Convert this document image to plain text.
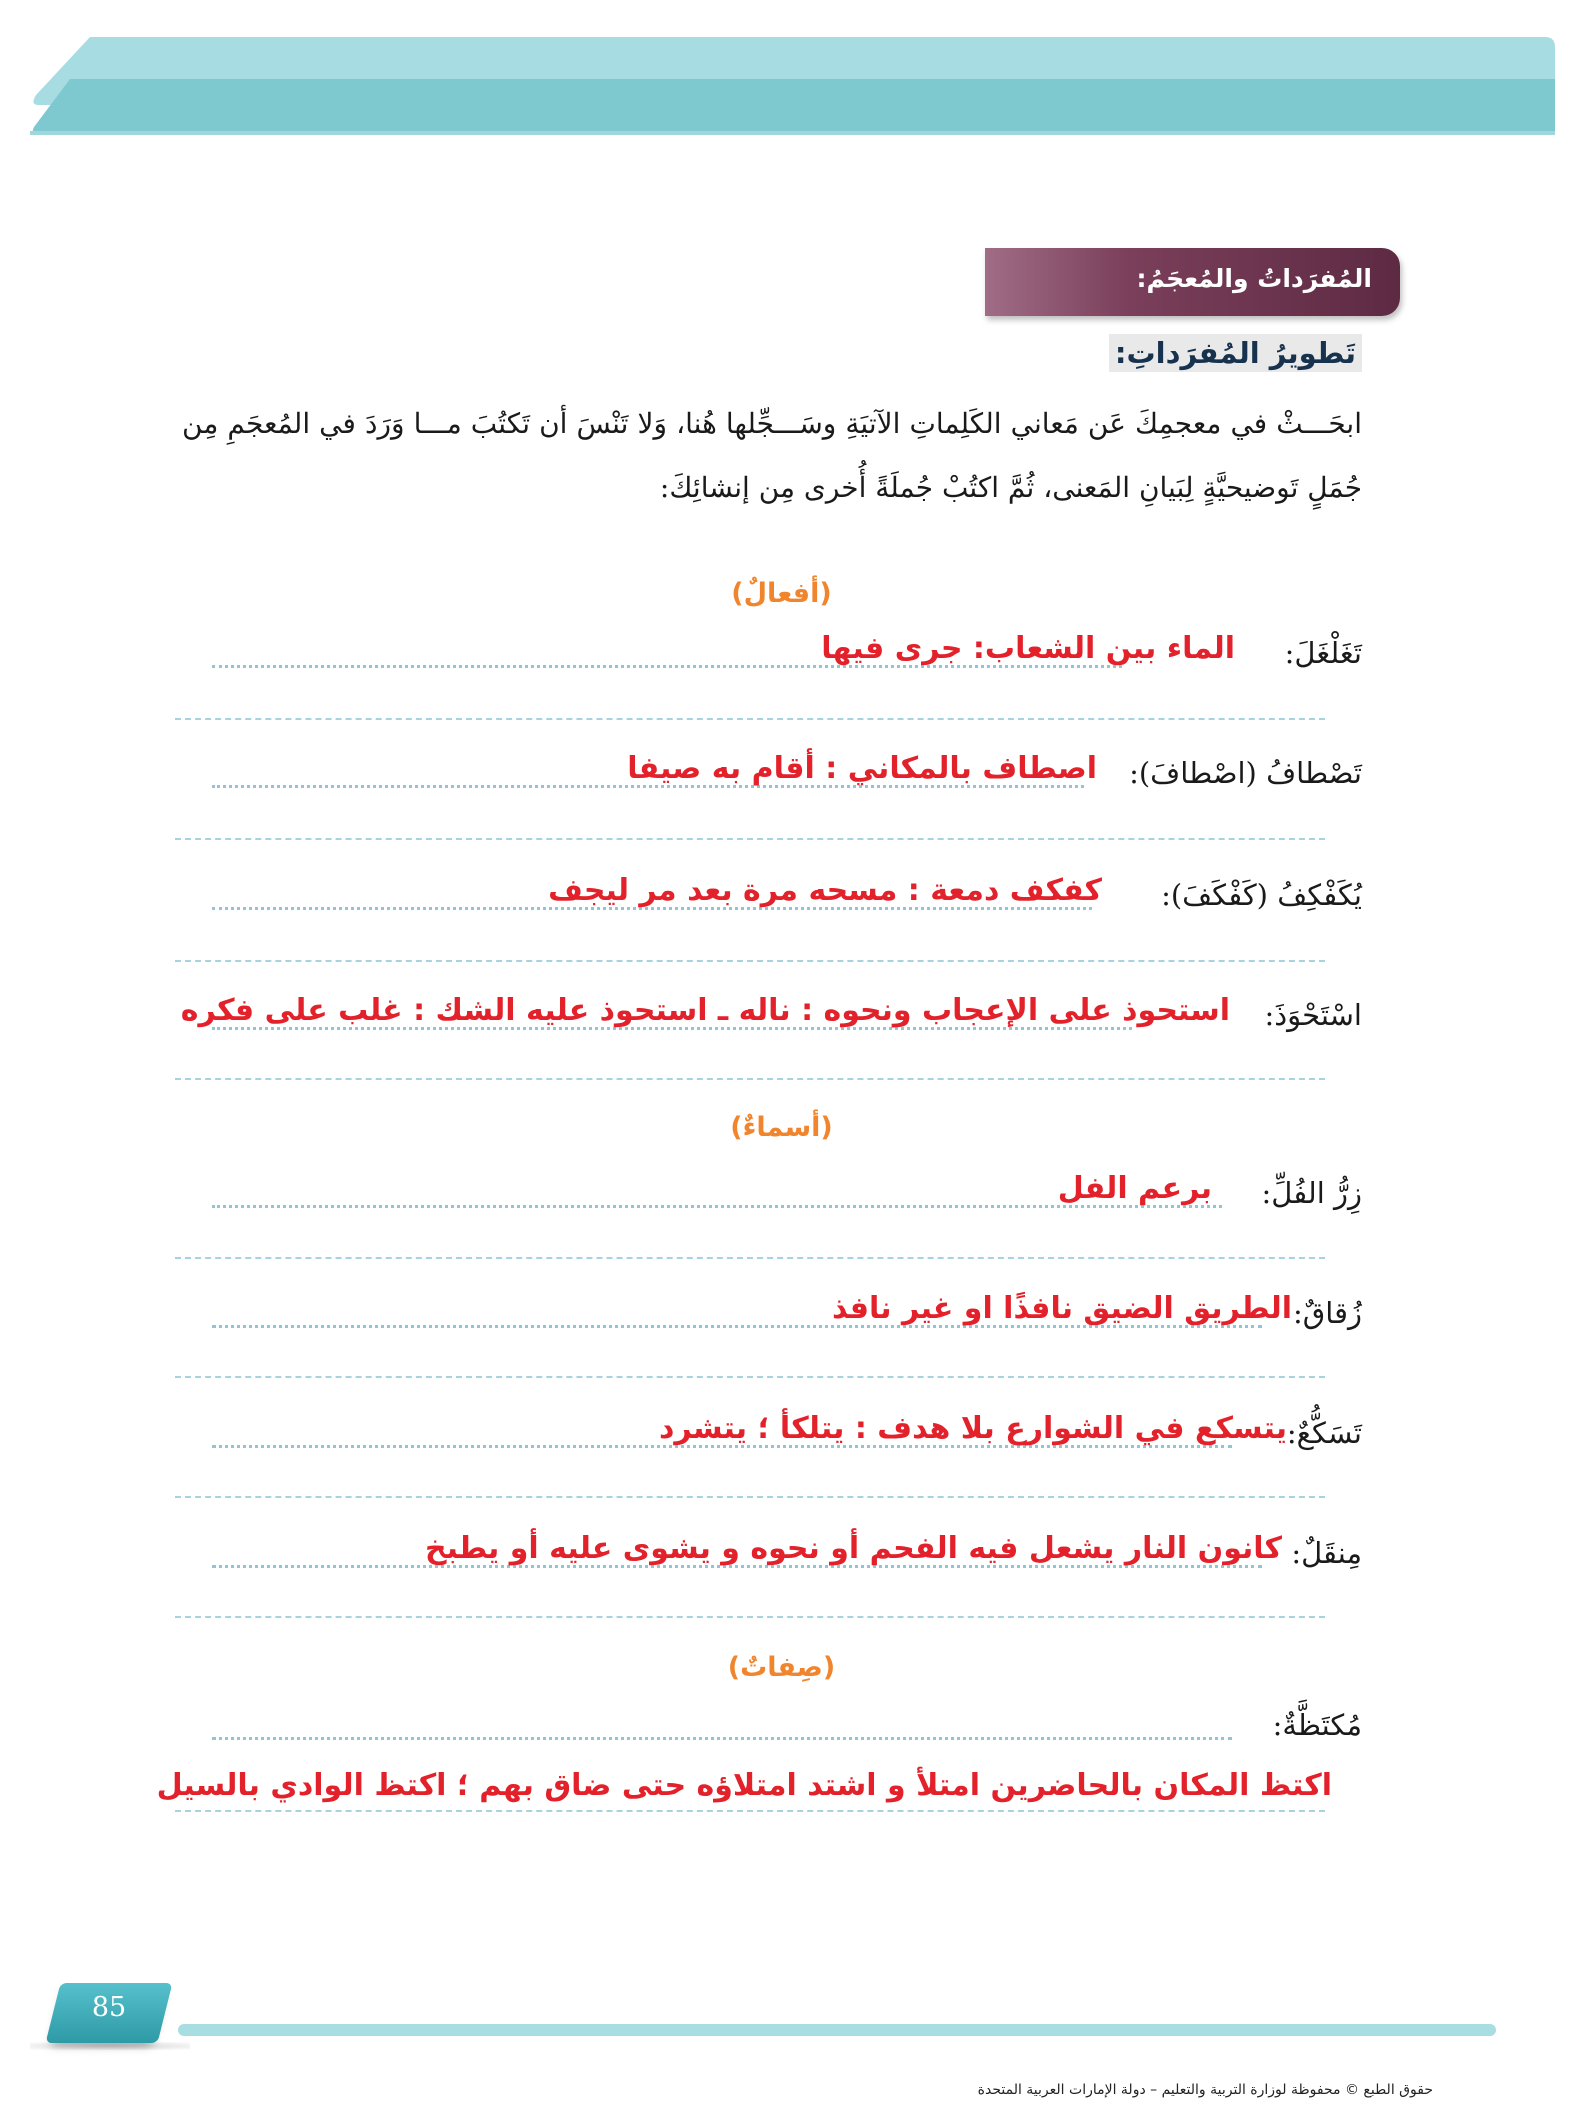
المُفرَداتُ والمُعجَمُ:
تَطويرُ المُفرَداتِ:
ابحَـــثْ في معجمِكَ عَن مَعاني الكَلِماتِ الآتيَةِ وسَـــجِّلها هُنا، وَلا تَنْسَ أن تَكتُبَ مـــا وَرَدَ في المُعجَمِ مِن جُمَلٍ تَوضيحيَّةٍ لِبَيانِ المَعنى، ثُمَّ اكتُبْ جُملَةً أُخرى مِن إنشائِكَ:
(أفعالٌ)
تَغَلْغَلَ:
الماء بين الشعاب: جرى فيها
تَصْطافُ (اصْطافَ):
اصطاف بالمكاني : أقام به صيفا
يُكَفْكِفُ (كَفْكَفَ):
كفكف دمعة : مسحه مرة بعد مر ليجف
اسْتَحْوَذَ:
استحوذ على الإعجاب ونحوه : ناله ـ استحوذ عليه الشك : غلب على فكره
(أسماءٌ)
زِرُّ الفُلِّ:
برعم الفل
زُقاقٌ:
الطريق الضيق نافذًا او غير نافذ
تَسَكُّعٌ:
يتسكع في الشوارع بلا هدف : يتلكأ ؛ يتشرد
مِنقَلٌ:
كانون النار يشعل فيه الفحم أو نحوه و يشوى عليه أو يطبخ
(صِفاتٌ)
مُكتَظَّةٌ:
اكتظ المكان بالحاضرين امتلأ و اشتد امتلاؤه حتى ضاق بهم ؛ اكتظ الوادي بالسيل
85
حقوق الطبع © محفوظة لوزارة التربية والتعليم – دولة الإمارات العربية المتحدة
